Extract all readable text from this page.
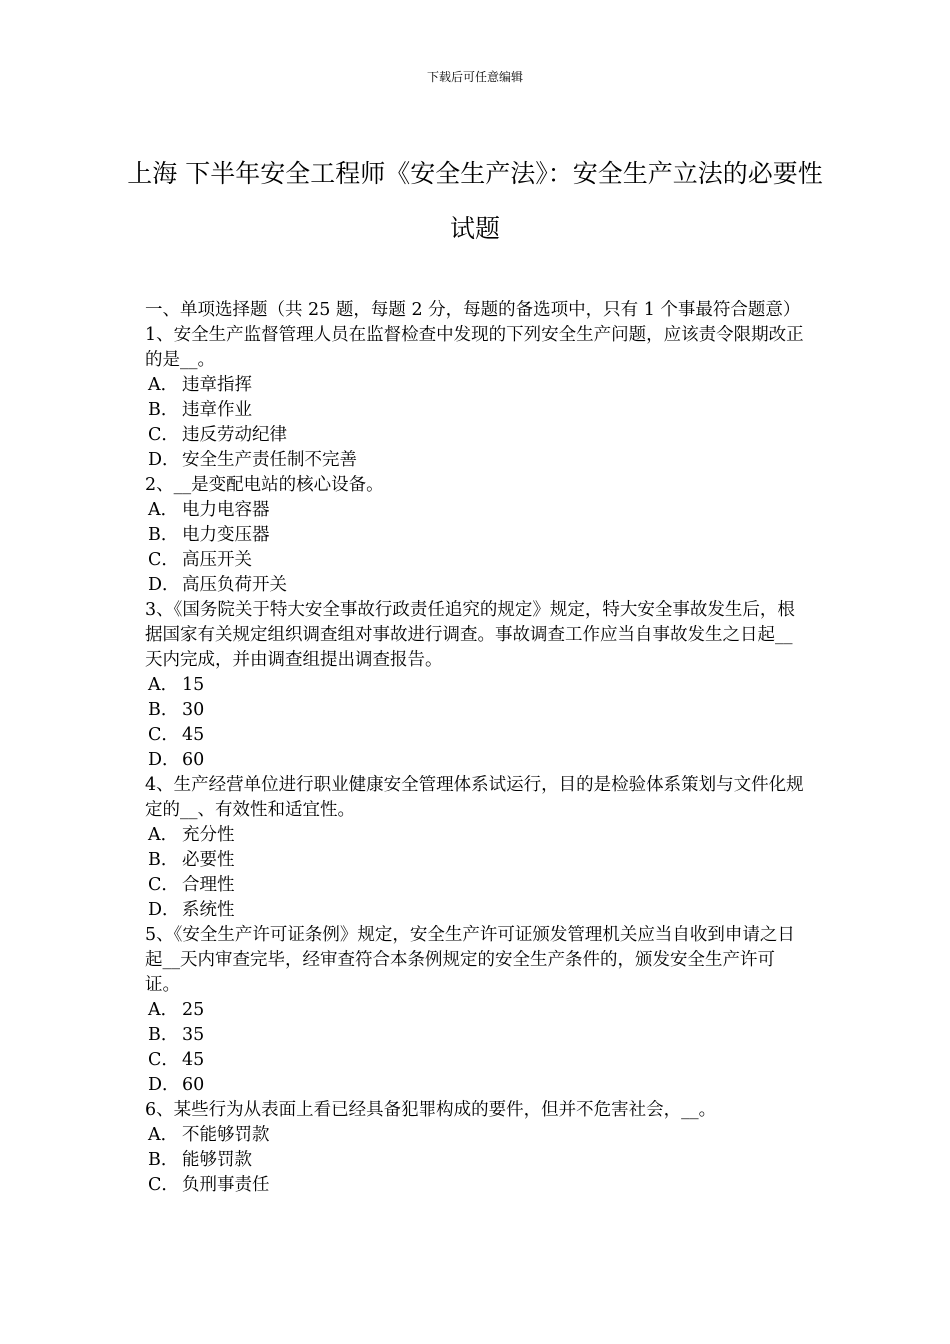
下载后可任意编辑
上海 下半年安全工程师《安全生产法》：安全生产立法的必要性试题

一、单项选择题（共 25 题，每题 2 分，每题的备选项中，只有 1 个事最符合题意）

1、安全生产监督管理人员在监督检查中发现的下列安全生产问题，应该责令限期改正的是__。

A． 违章指挥

B． 违章作业

C． 违反劳动纪律

D． 安全生产责任制不完善

2、__是变配电站的核心设备。

A． 电力电容器

B． 电力变压器

C． 高压开关

D． 高压负荷开关

3、《国务院关于特大安全事故行政责任追究的规定》规定，特大安全事故发生后，根据国家有关规定组织调查组对事故进行调查。事故调查工作应当自事故发生之日起__天内完成，并由调查组提出调查报告。

A． 15

B． 30

C． 45

D． 60

4、生产经营单位进行职业健康安全管理体系试运行，目的是检验体系策划与文件化规定的__、有效性和适宜性。

A． 充分性

B． 必要性

C． 合理性

D． 系统性

5、《安全生产许可证条例》规定，安全生产许可证颁发管理机关应当自收到申请之日起__天内审查完毕，经审查符合本条例规定的安全生产条件的，颁发安全生产许可证。

A． 25

B． 35

C． 45

D． 60

6、某些行为从表面上看已经具备犯罪构成的要件，但并不危害社会，__。

A． 不能够罚款

B． 能够罚款

C． 负刑事责任
